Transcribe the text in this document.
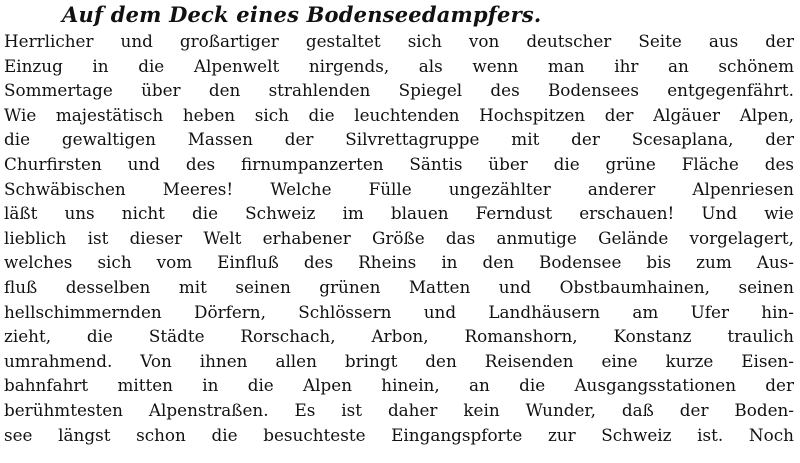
Auf dem Deck eines Bodenseedampfers.
Herrlicher und großartiger gestaltet sich von deutscher Seite aus der
Einzug in die Alpenwelt nirgends, als wenn man ihr an schönem
Sommertage über den strahlenden Spiegel des Bodensees entgegenfährt.
Wie majestätisch heben sich die leuchtenden Hochspitzen der Algäuer Alpen,
die gewaltigen Massen der Silvrettagruppe mit der Scesaplana, der
Churfirsten und des firnumpanzerten Säntis über die grüne Fläche des
Schwäbischen Meeres! Welche Fülle ungezählter anderer Alpenriesen
läßt uns nicht die Schweiz im blauen Ferndust erschauen! Und wie
lieblich ist dieser Welt erhabener Größe das anmutige Gelände vorgelagert,
welches sich vom Einfluß des Rheins in den Bodensee bis zum Aus-
fluß desselben mit seinen grünen Matten und Obstbaumhainen, seinen
hellschimmernden Dörfern, Schlössern und Landhäusern am Ufer hin-
zieht, die Städte Rorschach, Arbon, Romanshorn, Konstanz traulich
umrahmend. Von ihnen allen bringt den Reisenden eine kurze Eisen-
bahnfahrt mitten in die Alpen hinein, an die Ausgangsstationen der
berühmtesten Alpenstraßen. Es ist daher kein Wunder, daß der Boden-
see längst schon die besuchteste Eingangspforte zur Schweiz ist. Noch
